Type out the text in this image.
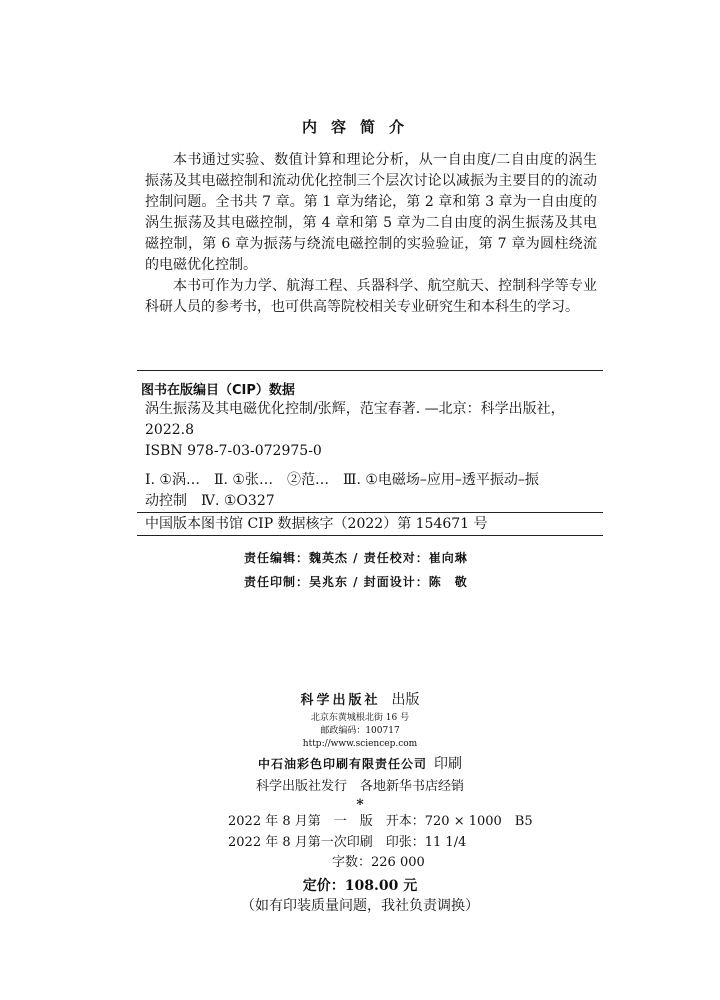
内容简介

本书通过实验、数值计算和理论分析，从一自由度/二自由度的涡生振荡及其电磁控制和流动优化控制三个层次讨论以减振为主要目的的流动控制问题。全书共 7 章。第 1 章为绪论，第 2 章和第 3 章为一自由度的涡生振荡及其电磁控制，第 4 章和第 5 章为二自由度的涡生振荡及其电磁控制，第 6 章为振荡与绕流电磁控制的实验验证，第 7 章为圆柱绕流的电磁优化控制。

本书可作为力学、航海工程、兵器科学、航空航天、控制科学等专业科研人员的参考书，也可供高等院校相关专业研究生和本科生的学习。

图书在版编目（CIP）数据
涡生振荡及其电磁优化控制/张辉，范宝春著. —北京：科学出版社，
2022.8
ISBN 978-7-03-072975-0
Ⅰ. ①涡…　Ⅱ. ①张…　②范…　Ⅲ. ①电磁场–应用–透平振动–振
动控制　Ⅳ. ①O327
中国版本图书馆 CIP 数据核字（2022）第 154671 号
责任编辑：魏英杰 / 责任校对：崔向琳
责任印制：吴兆东 / 封面设计：陈　敬
科学出版社 出版
北京东黄城根北街 16 号
邮政编码：100717
http://www.sciencep.com
中石油彩色印刷有限责任公司 印刷
科学出版社发行　各地新华书店经销
*
2022 年 8 月第　一　版　开本：720 × 1000　B5
2022 年 8 月第一次印刷　印张：11 1/4
　　　　　　　　字数：226 000
定价：108.00 元
（如有印装质量问题，我社负责调换）
